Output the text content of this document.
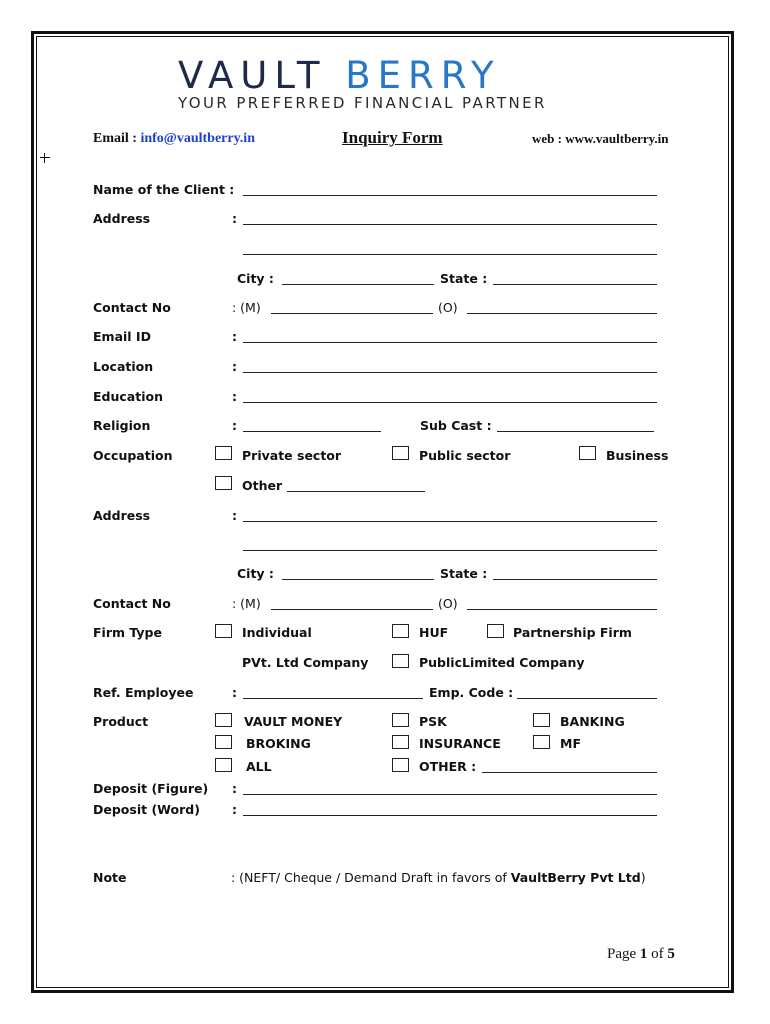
VAULT BERRY
YOUR PREFERRED FINANCIAL PARTNER
Email : info@vaultberry.in	Inquiry Form	web : www.vaultberry.in
Name of the Client :
Address	:
City :	State :
Contact No	: (M)	(O)
Email ID	:
Location	:
Education	:
Religion	:	Sub Cast :
Occupation	Private sector	Public sector	Business
Other
Address	:
City :	State :
Contact No	: (M)	(O)
Firm Type	Individual	HUF	Partnership Firm
PVt. Ltd Company	PublicLimited Company
Ref. Employee	:	Emp. Code :
Product	VAULT MONEY	PSK	BANKING
BROKING	INSURANCE	MF
ALL	OTHER :
Deposit (Figure) :
Deposit (Word)	:
Note	: (NEFT/ Cheque / Demand Draft in favors of VaultBerry Pvt Ltd)
Page 1 of 5
